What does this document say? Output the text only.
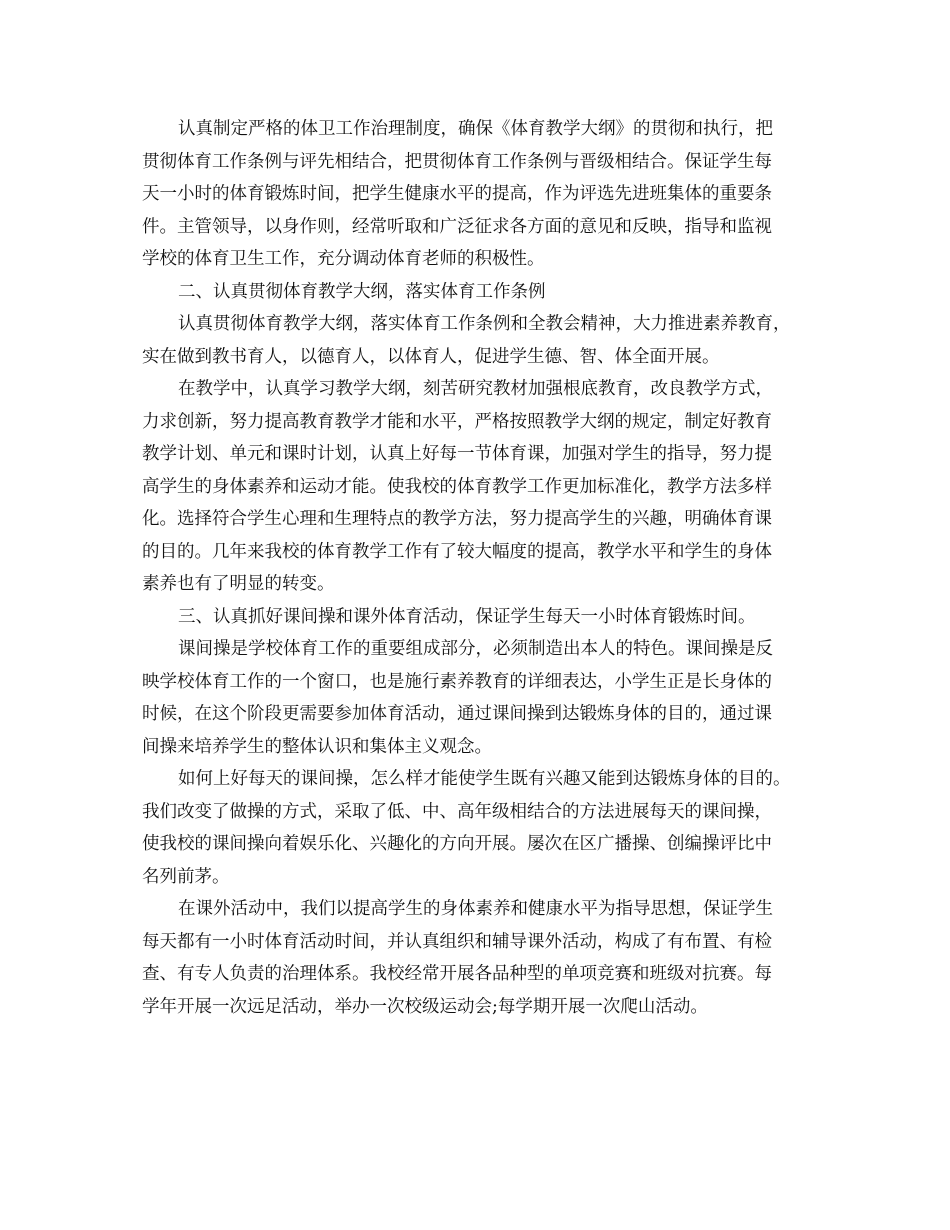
认真制定严格的体卫工作治理制度，确保《体育教学大纲》的贯彻和执行，把
贯彻体育工作条例与评先相结合，把贯彻体育工作条例与晋级相结合。保证学生每
天一小时的体育锻炼时间，把学生健康水平的提高，作为评选先进班集体的重要条
件。主管领导，以身作则，经常听取和广泛征求各方面的意见和反映，指导和监视
学校的体育卫生工作，充分调动体育老师的积极性。
二、认真贯彻体育教学大纲，落实体育工作条例
认真贯彻体育教学大纲，落实体育工作条例和全教会精神，大力推进素养教育，
实在做到教书育人，以德育人，以体育人，促进学生德、智、体全面开展。
在教学中，认真学习教学大纲，刻苦研究教材加强根底教育，改良教学方式，
力求创新，努力提高教育教学才能和水平，严格按照教学大纲的规定，制定好教育
教学计划、单元和课时计划，认真上好每一节体育课，加强对学生的指导，努力提
高学生的身体素养和运动才能。使我校的体育教学工作更加标准化，教学方法多样
化。选择符合学生心理和生理特点的教学方法，努力提高学生的兴趣，明确体育课
的目的。几年来我校的体育教学工作有了较大幅度的提高，教学水平和学生的身体
素养也有了明显的转变。
三、认真抓好课间操和课外体育活动，保证学生每天一小时体育锻炼时间。
课间操是学校体育工作的重要组成部分，必须制造出本人的特色。课间操是反
映学校体育工作的一个窗口，也是施行素养教育的详细表达，小学生正是长身体的
时候，在这个阶段更需要参加体育活动，通过课间操到达锻炼身体的目的，通过课
间操来培养学生的整体认识和集体主义观念。
如何上好每天的课间操，怎么样才能使学生既有兴趣又能到达锻炼身体的目的。
我们改变了做操的方式，采取了低、中、高年级相结合的方法进展每天的课间操，
使我校的课间操向着娱乐化、兴趣化的方向开展。屡次在区广播操、创编操评比中
名列前茅。
在课外活动中，我们以提高学生的身体素养和健康水平为指导思想，保证学生
每天都有一小时体育活动时间，并认真组织和辅导课外活动，构成了有布置、有检
查、有专人负责的治理体系。我校经常开展各品种型的单项竞赛和班级对抗赛。每
学年开展一次远足活动，举办一次校级运动会;每学期开展一次爬山活动。
